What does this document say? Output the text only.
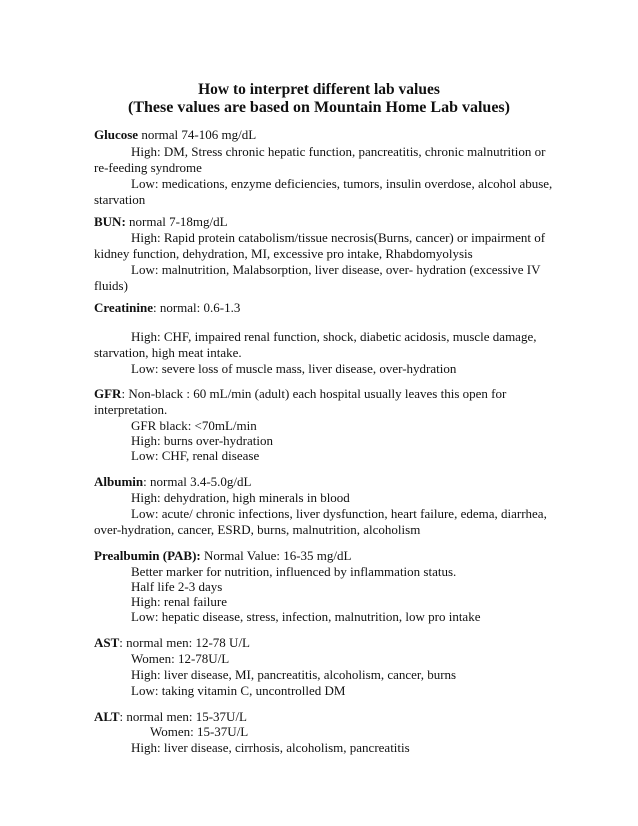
How to interpret different lab values
(These values are based on Mountain Home Lab values)
Glucose normal 74-106 mg/dL
High: DM, Stress chronic hepatic function, pancreatitis, chronic malnutrition or
re-feeding syndrome
Low: medications, enzyme deficiencies, tumors, insulin overdose, alcohol abuse,
starvation
BUN: normal 7-18mg/dL
High: Rapid protein catabolism/tissue necrosis(Burns, cancer) or impairment of
kidney function, dehydration, MI, excessive pro intake, Rhabdomyolysis
Low: malnutrition, Malabsorption, liver disease, over- hydration (excessive IV
fluids)
Creatinine: normal: 0.6-1.3
High: CHF, impaired renal function, shock, diabetic acidosis, muscle damage,
starvation, high meat intake.
Low: severe loss of muscle mass, liver disease, over-hydration
GFR: Non-black : 60 mL/min (adult) each hospital usually leaves this open for
interpretation.
GFR black: <70mL/min
High: burns over-hydration
Low: CHF, renal disease
Albumin: normal 3.4-5.0g/dL
High: dehydration, high minerals in blood
Low: acute/ chronic infections, liver dysfunction, heart failure, edema, diarrhea,
over-hydration, cancer, ESRD, burns, malnutrition, alcoholism
Prealbumin (PAB): Normal Value: 16-35 mg/dL
Better marker for nutrition, influenced by inflammation status.
Half life 2-3 days
High: renal failure
Low: hepatic disease, stress, infection, malnutrition, low pro intake
AST: normal men: 12-78 U/L
Women: 12-78U/L
High: liver disease, MI, pancreatitis, alcoholism, cancer, burns
Low: taking vitamin C, uncontrolled DM
ALT: normal men: 15-37U/L
Women: 15-37U/L
High: liver disease, cirrhosis, alcoholism, pancreatitis
